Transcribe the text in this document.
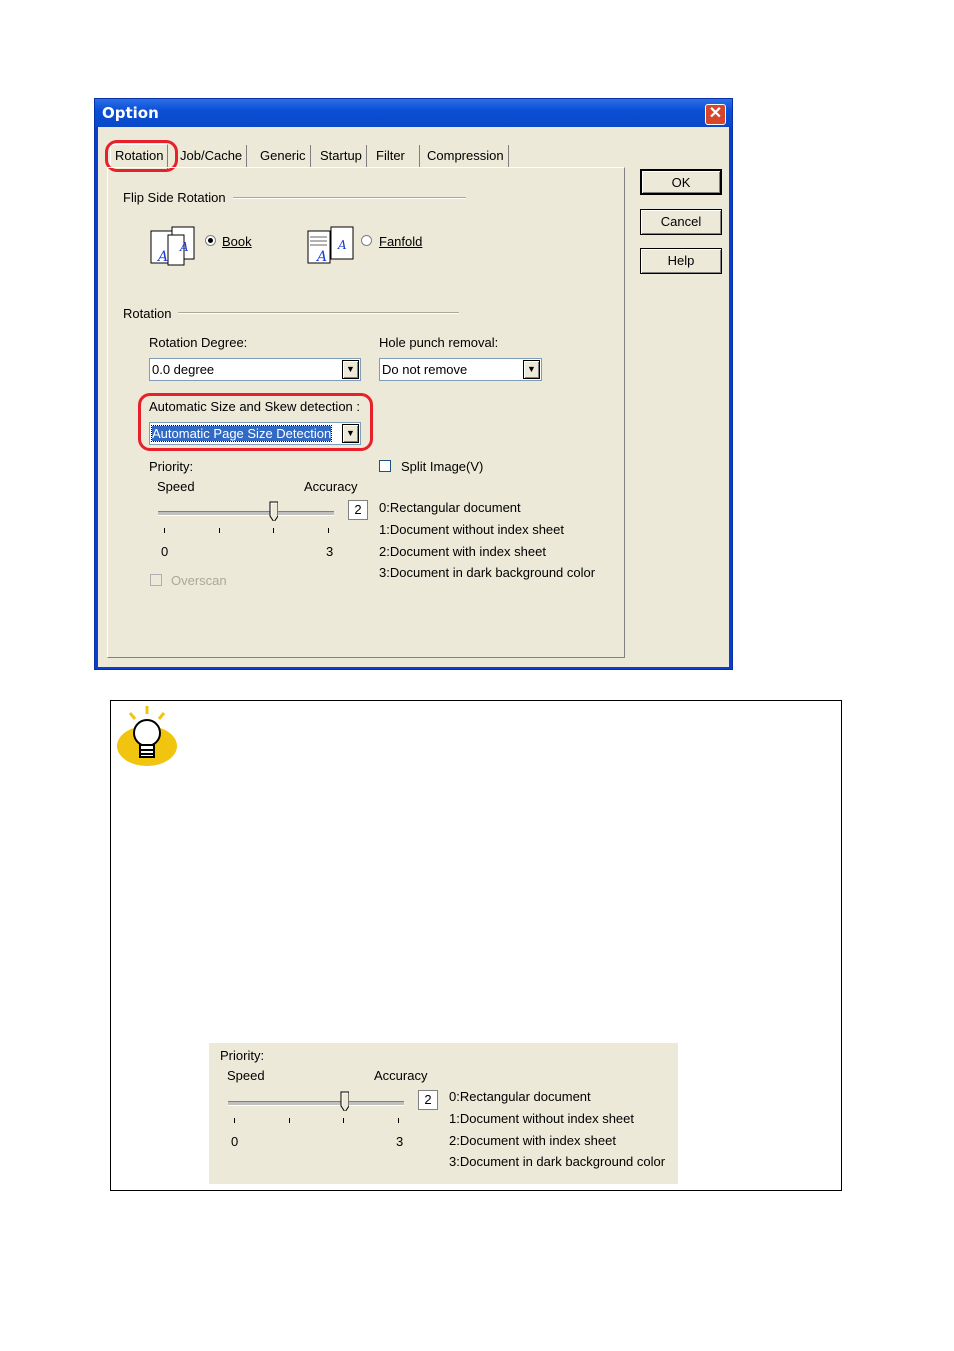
Option	✕
Rotation	Job/Cache	Generic	Startup	Filter	Compression
OK
Cancel
Help
Flip Side Rotation
A
A	Book
A
A Fanfold
Rotation
Rotation Degree:
0.0 degree	▼
Hole punch removal:
Do not remove	▼
Automatic Size and Skew detection :
Automatic Page Size Detection	▼
Priority:
Speed	Accuracy
0	3
2
Split Image(V)
0:Rectangular document
1:Document without index sheet
2:Document with index sheet
3:Document in dark background color
Overscan
Priority:
Speed	Accuracy
0	3
2	0:Rectangular document
1:Document without index sheet
2:Document with index sheet
3:Document in dark background color
